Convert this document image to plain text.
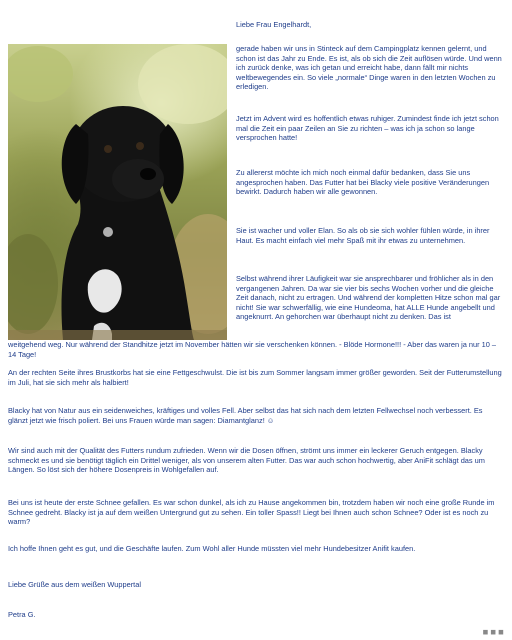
Liebe Frau Engelhardt,

gerade haben wir uns in Stinteck auf dem Campingplatz kennen gelernt, und schon ist das Jahr zu Ende. Es ist, als ob sich die Zeit auflösen würde. Und wenn ich zurück denke, was ich getan und erreicht habe, dann fällt mir nichts weltbewegendes ein. So viele „normale“ Dinge waren in den letzten Wochen zu erledigen.

Jetzt im Advent wird es hoffentlich etwas ruhiger. Zumindest finde ich jetzt schon mal die Zeit ein paar Zeilen an Sie zu richten – was ich ja schon so lange versprochen hatte!

Zu allererst möchte ich mich noch einmal dafür bedanken, dass Sie uns angesprochen haben. Das Futter hat bei Blacky viele positive Veränderungen bewirkt. Dadurch haben wir alle gewonnen.

Sie ist wacher und voller Elan. So als ob sie sich wohler fühlen würde, in ihrer Haut. Es macht einfach viel mehr Spaß mit ihr etwas zu unternehmen.

Selbst während ihrer Läufigkeit war sie ansprechbarer und fröhlicher als in den vergangenen Jahren. Da war sie vier bis sechs Wochen vorher und die gleiche Zeit danach, nicht zu ertragen. Und während der kompletten Hitze schon mal gar nicht! Sie war schwerfällig, wie eine Hundeoma, hat ALLE Hunde angebellt und angeknurrt. An gehorchen war überhaupt nicht zu denken. Das ist

weitgehend weg. Nur während der Standhitze jetzt im November hätten wir sie verschenken können. - Blöde Hormone!!! - Aber das waren ja nur 10 – 14 Tage!

An der rechten Seite ihres Brustkorbs hat sie eine Fettgeschwulst. Die ist bis zum Sommer langsam immer größer geworden. Seit der Futterumstellung im Juli, hat sie sich mehr als halbiert!

Blacky hat von Natur aus ein seidenweiches, kräftiges und volles Fell. Aber selbst das hat sich nach dem letzten Fellwechsel noch verbessert. Es glänzt jetzt wie frisch poliert. Bei uns Frauen würde man sagen: Diamantglanz! ☺

Wir sind auch mit der Qualität des Futters rundum zufrieden. Wenn wir die Dosen öffnen, strömt uns immer ein leckerer Geruch entgegen. Blacky schmeckt es und sie benötigt täglich ein Drittel weniger, als von unserem alten Futter. Das war auch schon hochwertig, aber AniFit schlägt das um Längen. So löst sich der höhere Dosenpreis in Wohlgefallen auf.

Bei uns ist heute der erste Schnee gefallen. Es war schon dunkel, als ich zu Hause angekommen bin, trotzdem haben wir noch eine große Runde im Schnee gedreht. Blacky ist ja auf dem weißen Untergrund gut zu sehen. Ein toller Spass!! Liegt bei Ihnen auch schon Schnee? Oder ist es noch zu warm?

Ich hoffe Ihnen geht es gut, und die Geschäfte laufen. Zum Wohl aller Hunde müssten viel mehr Hundebesitzer Anifit kaufen.

Liebe Grüße aus dem weißen Wuppertal

Petra G.

◼ ◼ ◼
